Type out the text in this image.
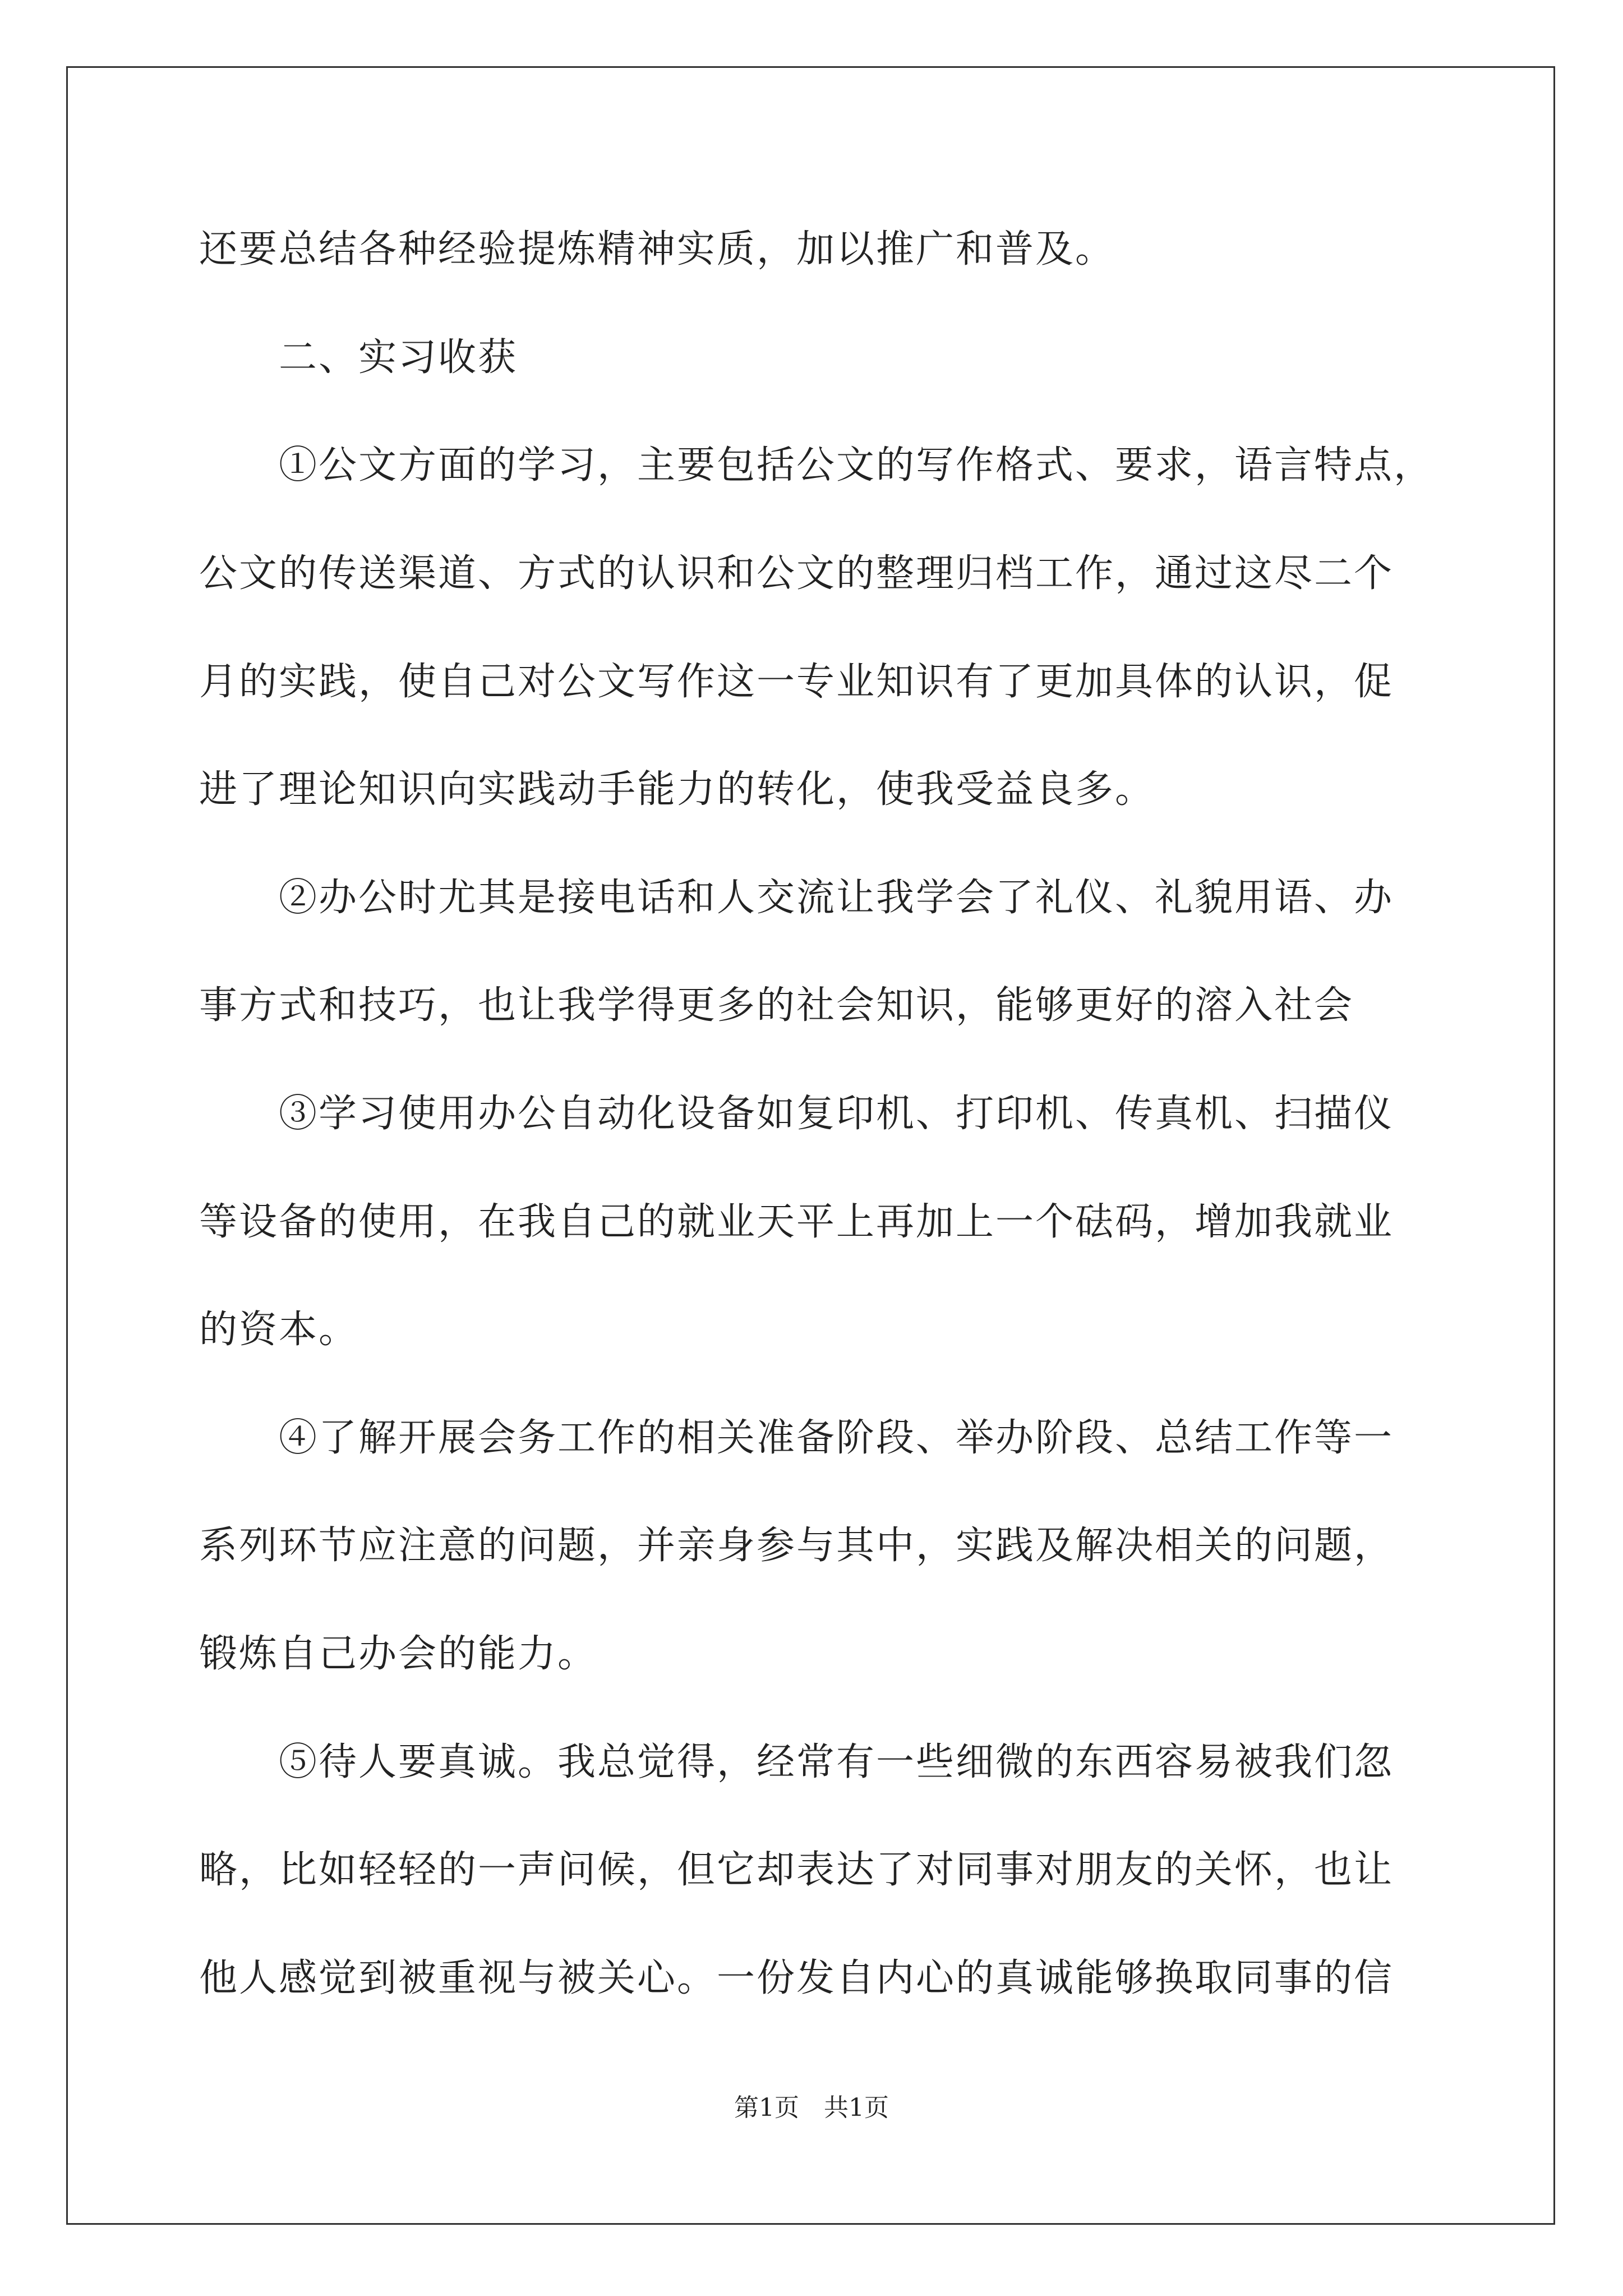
还要总结各种经验提炼精神实质，加以推广和普及。

　　二、实习收获

　　①公文方面的学习，主要包括公文的写作格式、要求，语言特点，

公文的传送渠道、方式的认识和公文的整理归档工作，通过这尽二个

月的实践，使自己对公文写作这一专业知识有了更加具体的认识，促

进了理论知识向实践动手能力的转化，使我受益良多。

　　②办公时尤其是接电话和人交流让我学会了礼仪、礼貌用语、办

事方式和技巧，也让我学得更多的社会知识，能够更好的溶入社会

　　③学习使用办公自动化设备如复印机、打印机、传真机、扫描仪

等设备的使用，在我自己的就业天平上再加上一个砝码，增加我就业

的资本。

　　④了解开展会务工作的相关准备阶段、举办阶段、总结工作等一

系列环节应注意的问题，并亲身参与其中，实践及解决相关的问题，

锻炼自己办会的能力。

　　⑤待人要真诚。我总觉得，经常有一些细微的东西容易被我们忽

略，比如轻轻的一声问候，但它却表达了对同事对朋友的关怀，也让

他人感觉到被重视与被关心。一份发自内心的真诚能够换取同事的信

第1页　共1页
